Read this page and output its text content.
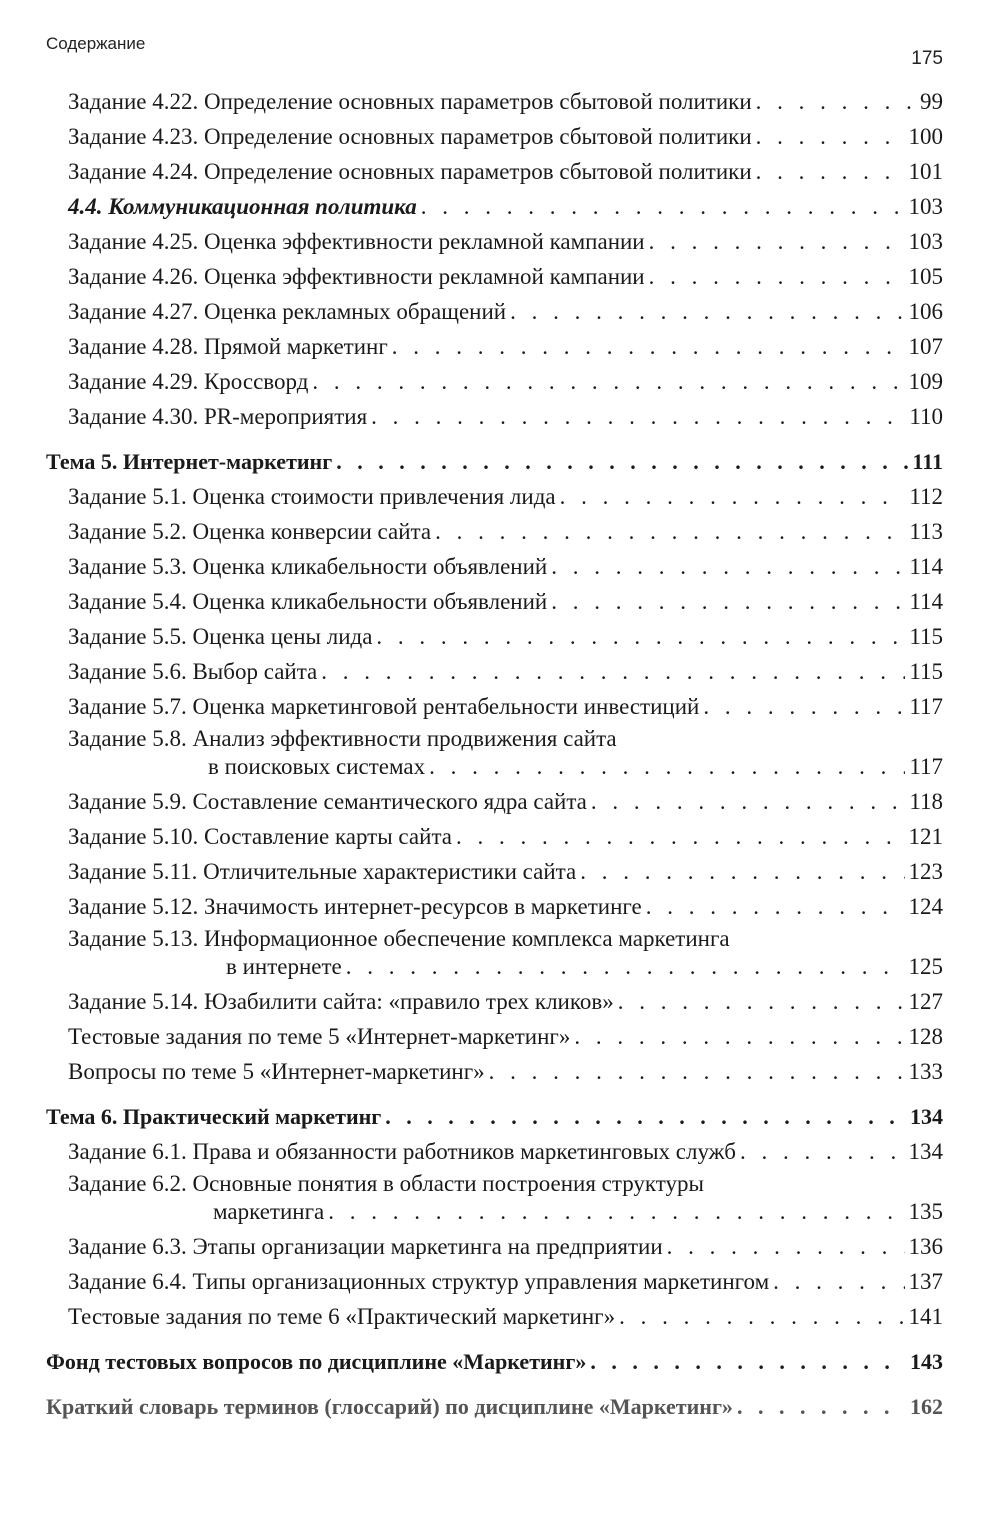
Содержание
175
Задание 4.22. Определение основных параметров сбытовой политики . . .	99
Задание 4.23. Определение основных параметров сбытовой политики . . .	100
Задание 4.24. Определение основных параметров сбытовой политики . . .	101
4.4. Коммуникационная политика . . .	103
Задание 4.25. Оценка эффективности рекламной кампании . . .	103
Задание 4.26. Оценка эффективности рекламной кампании . . .	105
Задание 4.27. Оценка рекламных обращений . . .	106
Задание 4.28. Прямой маркетинг . . .	107
Задание 4.29. Кроссворд . . .	109
Задание 4.30. PR-мероприятия . . .	110
Тема 5. Интернет-маркетинг . . .	111
Задание 5.1. Оценка стоимости привлечения лида . . .	112
Задание 5.2. Оценка конверсии сайта . . .	113
Задание 5.3. Оценка кликабельности объявлений . . .	114
Задание 5.4. Оценка кликабельности объявлений . . .	114
Задание 5.5. Оценка цены лида . . .	115
Задание 5.6. Выбор сайта . . .	115
Задание 5.7. Оценка маркетинговой рентабельности инвестиций . . .	117
Задание 5.8. Анализ эффективности продвижения сайта
в поисковых системах . . .	117
Задание 5.9. Составление семантического ядра сайта . . .	118
Задание 5.10. Составление карты сайта . . .	121
Задание 5.11. Отличительные характеристики сайта . . .	123
Задание 5.12. Значимость интернет-ресурсов в маркетинге . . .	124
Задание 5.13. Информационное обеспечение комплекса маркетинга
в интернете . . .	125
Задание 5.14. Юзабилити сайта: «правило трех кликов» . . .	127
Тестовые задания по теме 5 «Интернет-маркетинг» . . .	128
Вопросы по теме 5 «Интернет-маркетинг» . . .	133
Тема 6. Практический маркетинг . . .	134
Задание 6.1. Права и обязанности работников маркетинговых служб . . .	134
Задание 6.2. Основные понятия в области построения структуры
маркетинга . . .	135
Задание 6.3. Этапы организации маркетинга на предприятии . . .	136
Задание 6.4. Типы организационных структур управления маркетингом . . .	137
Тестовые задания по теме 6 «Практический маркетинг» . . .	141
Фонд тестовых вопросов по дисциплине «Маркетинг» . . .	143
Краткий словарь терминов (глоссарий) по дисциплине «Маркетинг» . . .	162
